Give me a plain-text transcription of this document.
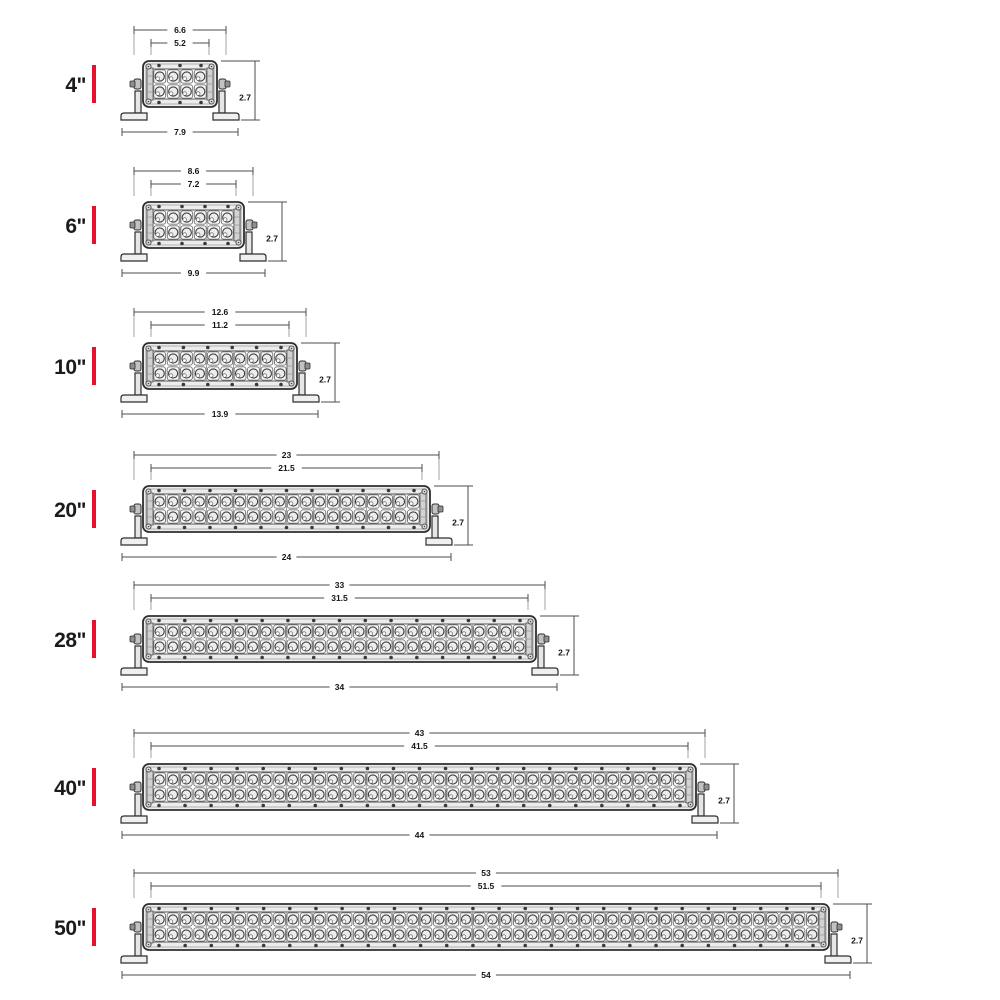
6.6
5.2
7.9
2.7
4"
8.6
7.2
9.9
2.7
6"
12.6
11.2
13.9
2.7
10"
23
21.5
24
2.7
20"
33
31.5
34
2.7
28"
43
41.5
44
2.7
40"
53
51.5
54
2.7
50"
